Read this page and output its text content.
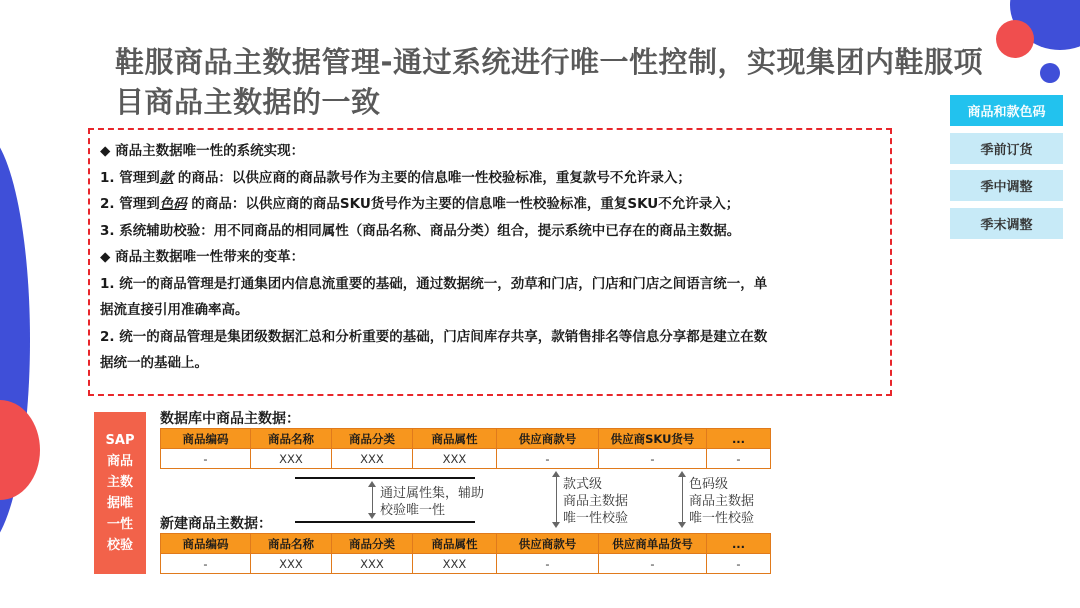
鞋服商品主数据管理-通过系统进行唯一性控制，实现集团内鞋服项目商品主数据的一致	商品和款色码
季前订货
季中调整
季末调整
◆ 商品主数据唯一性的系统实现：
1. 管理到款 的商品：以供应商的商品款号作为主要的信息唯一性校验标准，重复款号不允许录入；
2. 管理到色码 的商品：以供应商的商品SKU货号作为主要的信息唯一性校验标准，重复SKU不允许录入；
3. 系统辅助校验：用不同商品的相同属性（商品名称、商品分类）组合，提示系统中已存在的商品主数据。
◆ 商品主数据唯一性带来的变革：
1. 统一的商品管理是打通集团内信息流重要的基础，通过数据统一，劲草和门店，门店和门店之间语言统一，单
据流直接引用准确率高。
2. 统一的商品管理是集团级数据汇总和分析重要的基础，门店间库存共享，款销售排名等信息分享都是建立在数
据统一的基础上。
SAP
商品
主数
据唯
一性
校验
数据库中商品主数据：
商品编码	商品名称	商品分类	商品属性	供应商款号	供应商SKU货号	...
-	XXX	XXX	XXX	-	-	-
通过属性集，辅助
校验唯一性
款式级
商品主数据
唯一性校验
色码级
商品主数据
唯一性校验
新建商品主数据：
商品编码	商品名称	商品分类	商品属性	供应商款号	供应商单品货号	...
-	XXX	XXX	XXX	-	-	-
